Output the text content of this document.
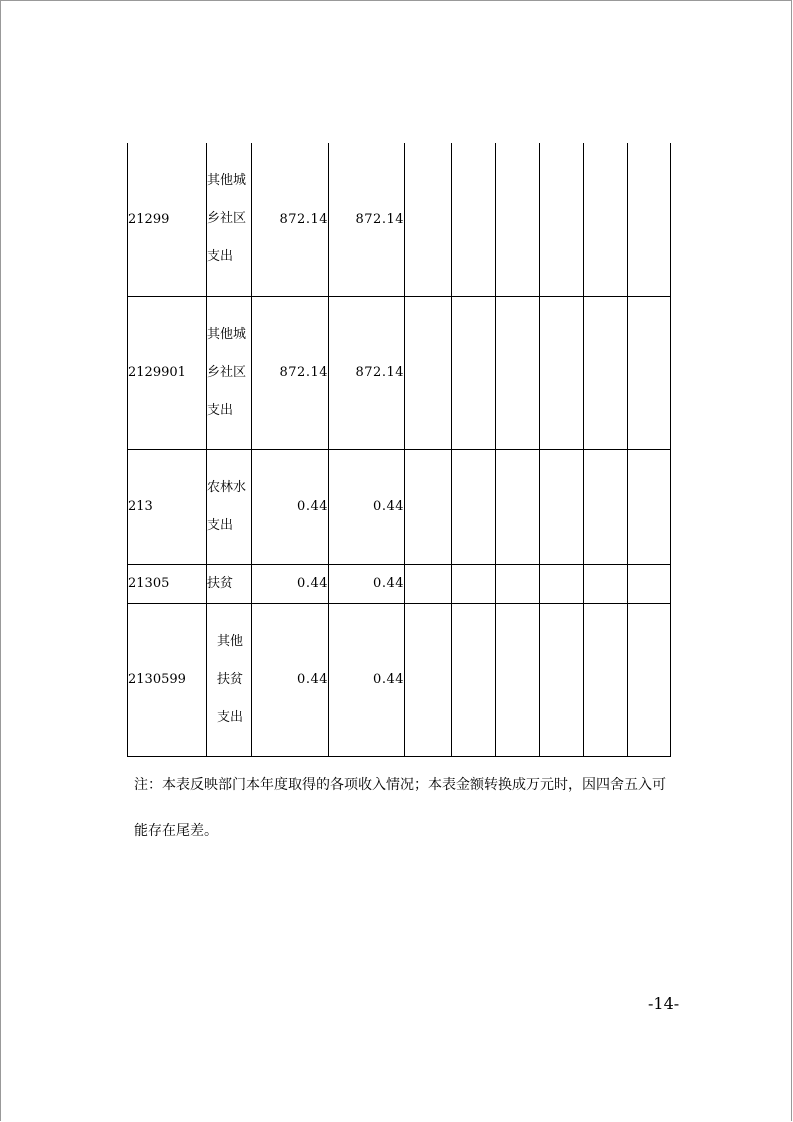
21299	其他城乡社区支出	872.14	872.14						
2129901	其他城乡社区支出	872.14	872.14						
213	农林水支出	0.44	0.44						
21305	扶贫	0.44	0.44						
2130599	其他扶贫支出	0.44	0.44						

注：本表反映部门本年度取得的各项收入情况；本表金额转换成万元时，因四舍五入可能存在尾差。

-14-
